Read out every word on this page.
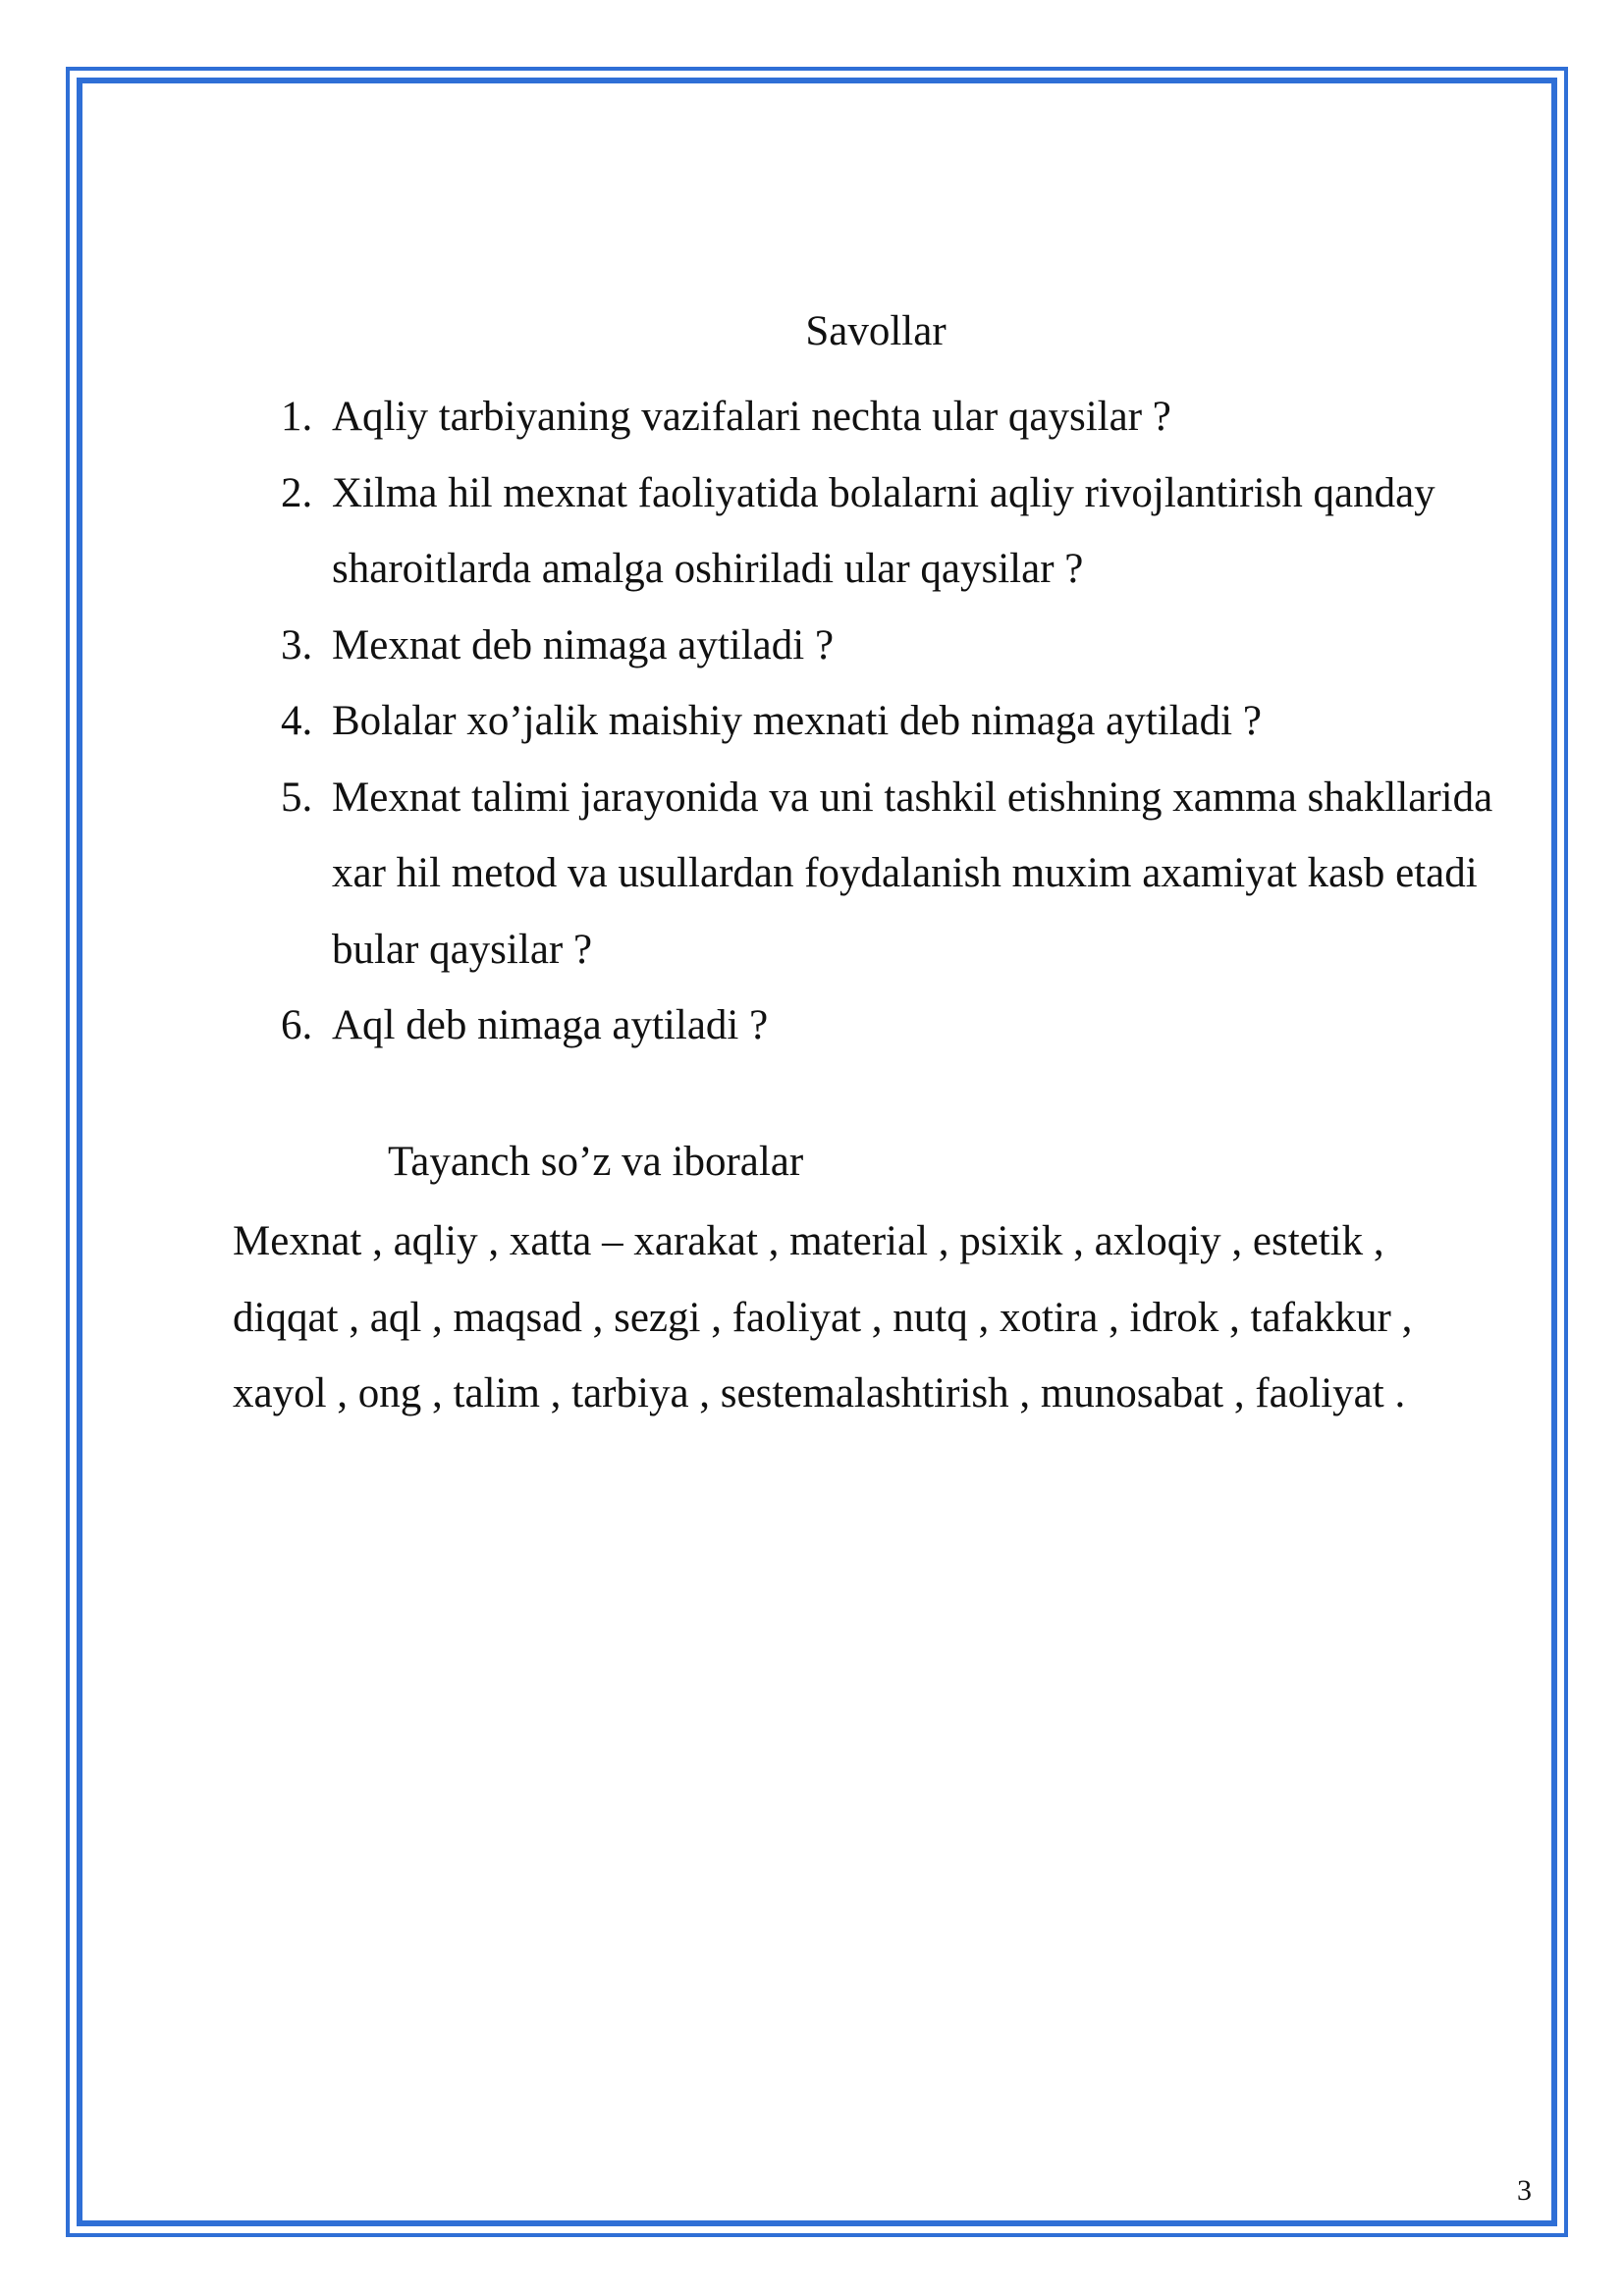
Savollar
1. Aqliy tarbiyaning vazifalari nechta ular qaysilar ?
2. Xilma hil mexnat faoliyatida bolalarni aqliy rivojlantirish qanday sharoitlarda amalga oshiriladi ular qaysilar ?
3. Mexnat deb nimaga aytiladi ?
4. Bolalar xo’jalik maishiy mexnati deb nimaga aytiladi ?
5. Mexnat talimi jarayonida va uni tashkil etishning xamma shakllarida xar hil metod va usullardan foydalanish muxim axamiyat kasb etadi bular qaysilar ?
6. Aql deb nimaga aytiladi ?
Tayanch so’z va iboralar

Mexnat , aqliy , xatta – xarakat , material , psixik , axloqiy , estetik , diqqat , aql , maqsad , sezgi , faoliyat , nutq , xotira , idrok , tafakkur , xayol , ong , talim , tarbiya , sestemalashtirish , munosabat , faoliyat .

3
